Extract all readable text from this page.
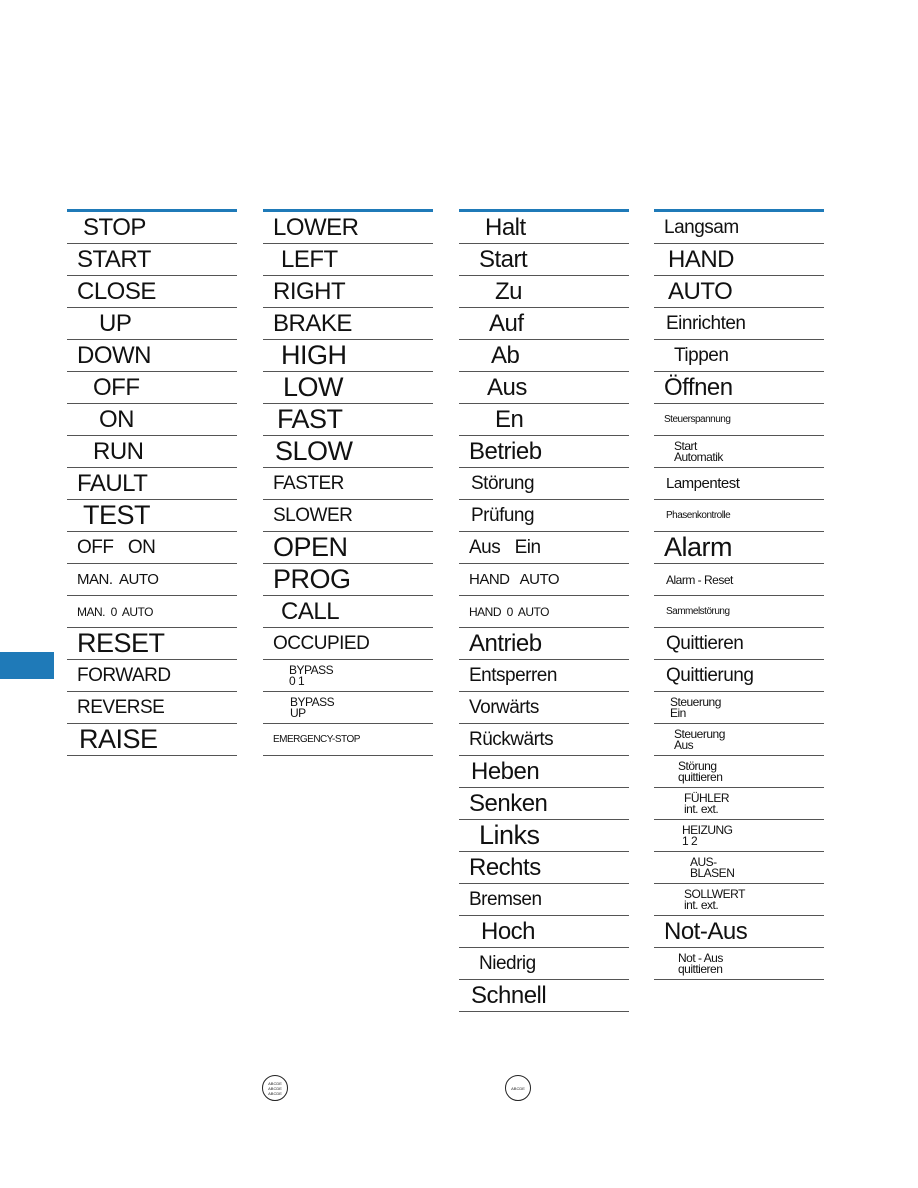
STOP
START
CLOSE
UP
DOWN
OFF
ON
RUN
FAULT
TEST
OFF   ON
MAN.  AUTO
MAN.  0  AUTO
RESET
FORWARD
REVERSE
RAISE
LOWER
LEFT
RIGHT
BRAKE
HIGH
LOW
FAST
SLOW
FASTER
SLOWER
OPEN
PROG
CALL
OCCUPIED
BYPASS
0 1
BYPASS
UP
EMERGENCY-STOP
Halt
Start
Zu
Auf
Ab
Aus
En
Betrieb
Störung
Prüfung
Aus   Ein
HAND   AUTO
HAND  0  AUTO
Antrieb
Entsperren
Vorwärts
Rückwärts
Heben
Senken
Links
Rechts
Bremsen
Hoch
Niedrig
Schnell
Langsam
HAND
AUTO
Einrichten
Tippen
Öffnen
Steuerspannung
Start
Automatik
Lampentest
Phasenkontrolle
Alarm
Alarm - Reset
Sammelstörung
Quittieren
Quittierung
Steuerung
Ein
Steuerung
Aus
Störung
quittieren
FÜHLER
int. ext.
HEIZUNG
1 2
AUS-
BLASEN
SOLLWERT
int. ext.
Not-Aus
Not - Aus
quittieren
ABCDE
ABCDE
ABCDE
ABCDE
